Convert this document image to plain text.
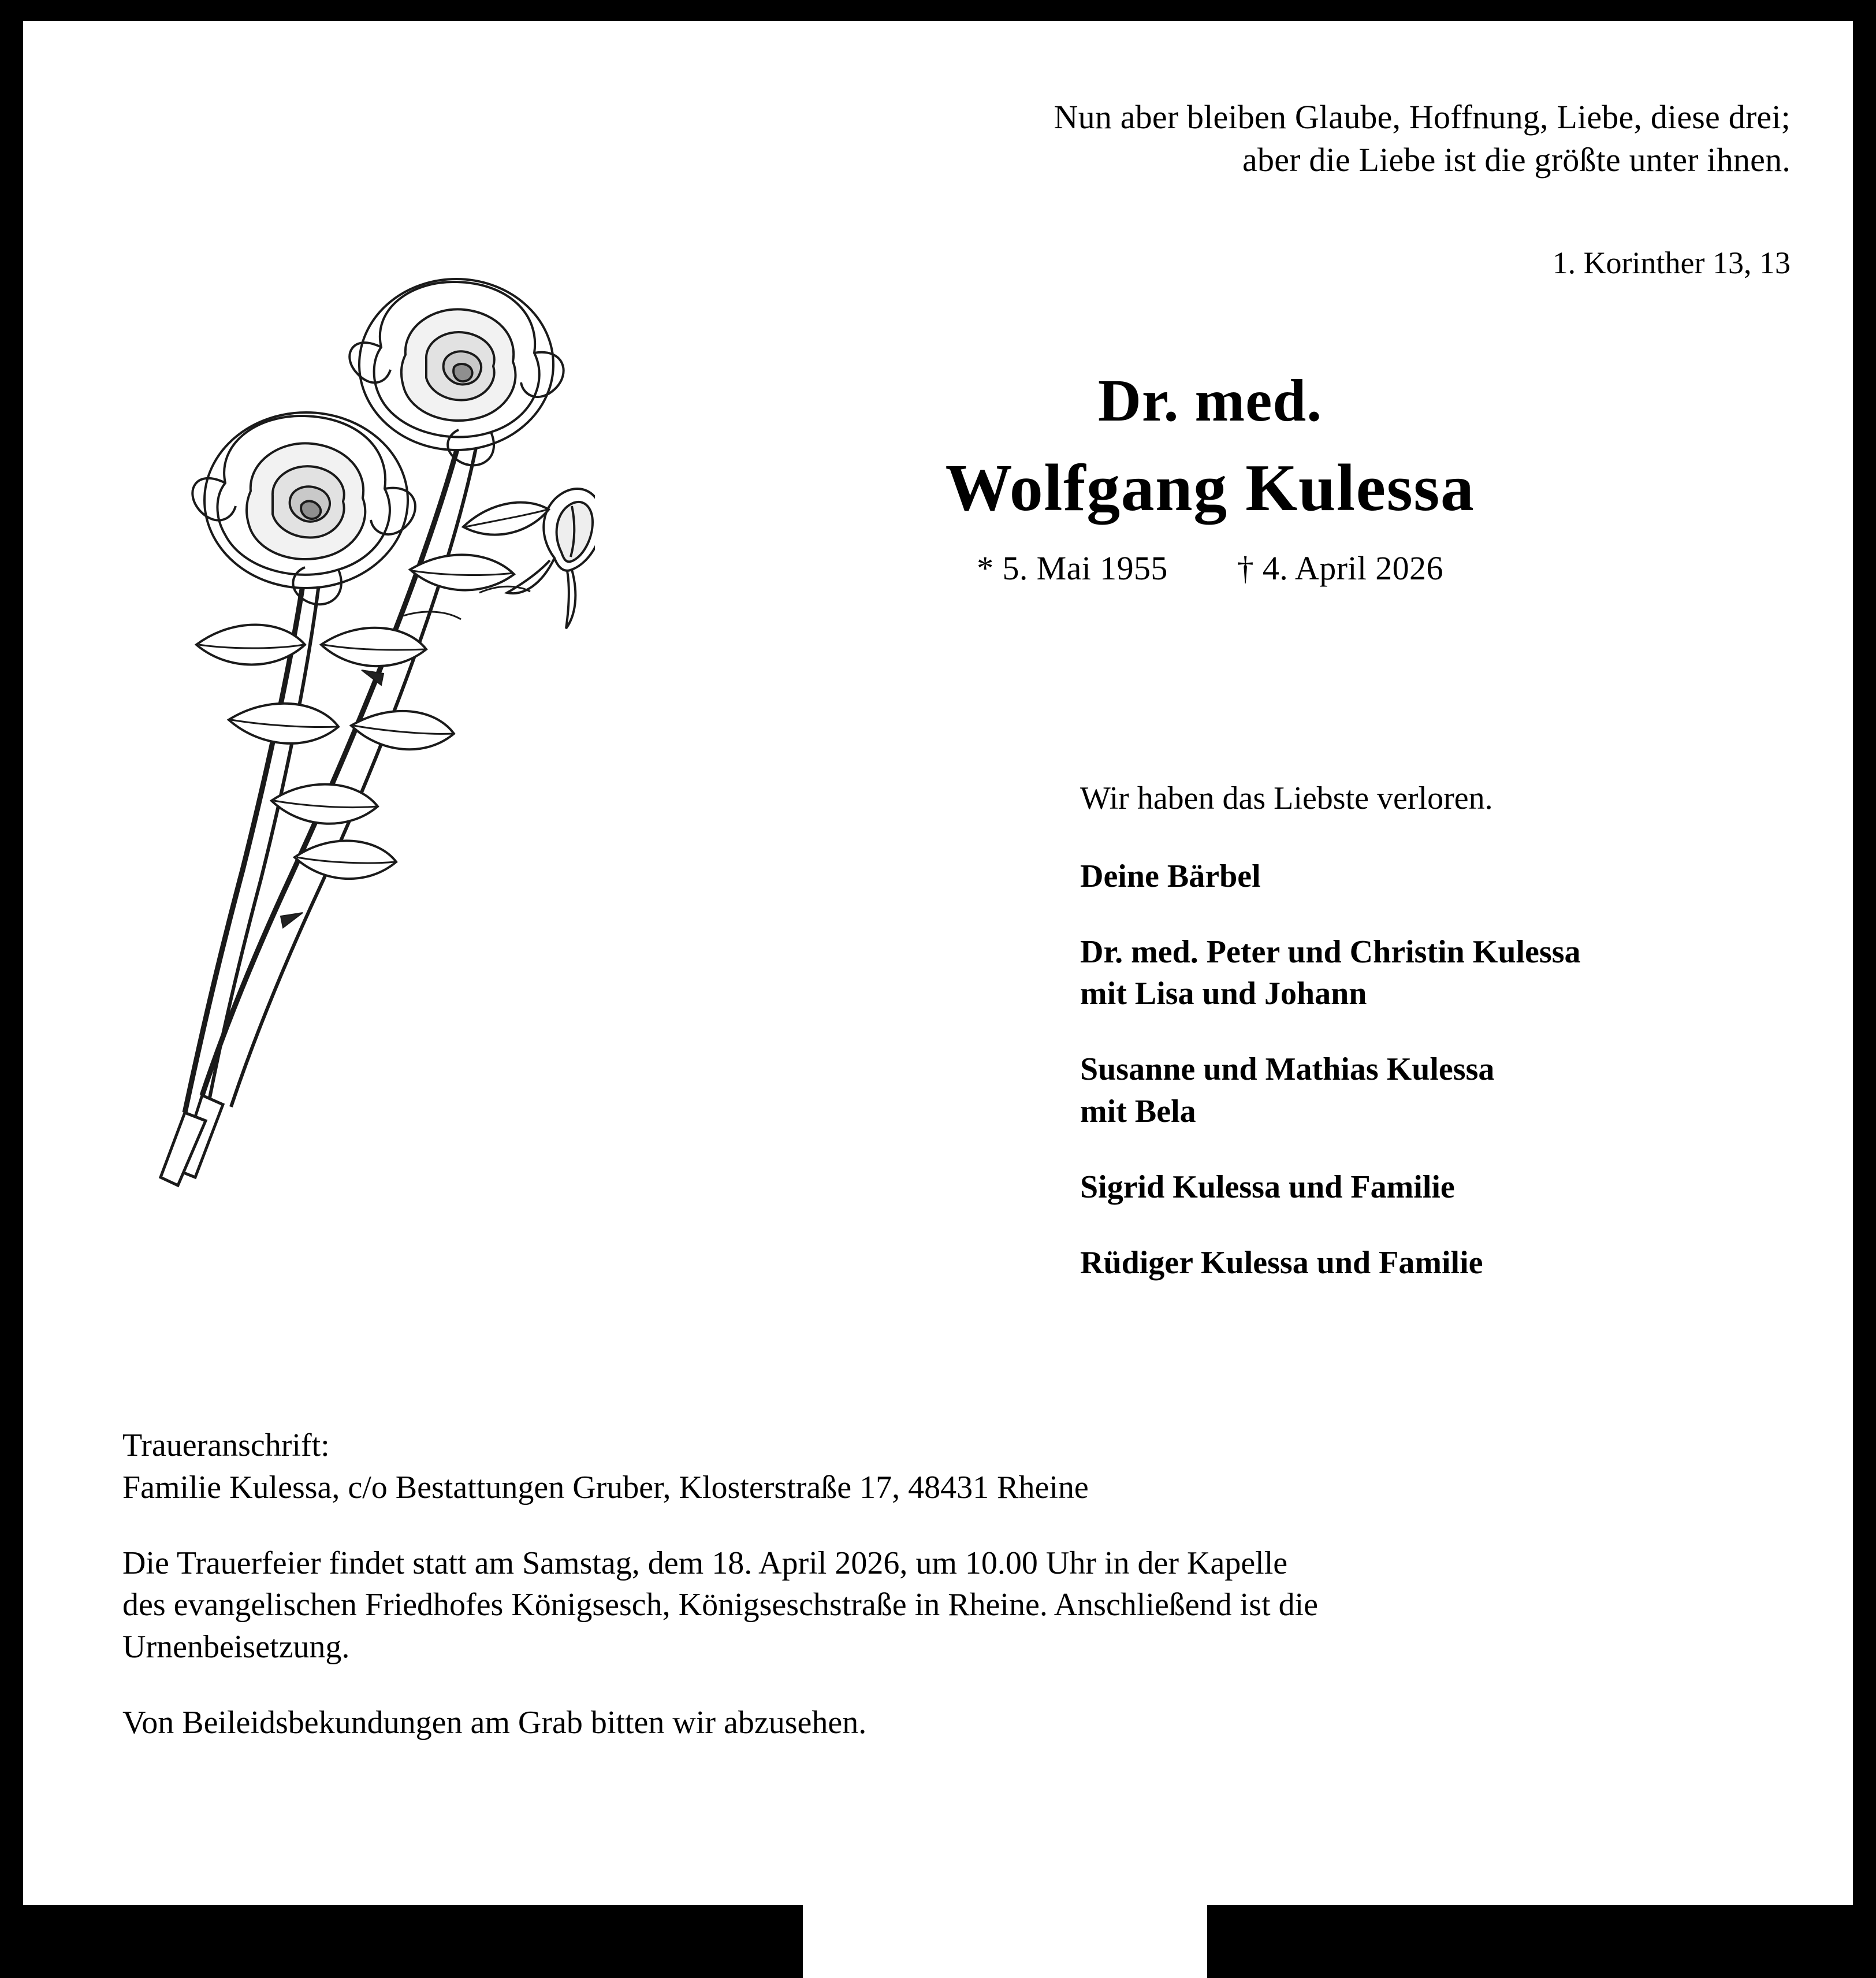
Nun aber bleiben Glaube, Hoffnung, Liebe, diese drei;
aber die Liebe ist die größte unter ihnen.
1. Korinther 13, 13
Dr. med.
Wolfgang Kulessa
* 5. Mai 1955 † 4. April 2026
Wir haben das Liebste verloren.
Deine Bärbel
Dr. med. Peter und Christin Kulessa
mit Lisa und Johann
Susanne und Mathias Kulessa
mit Bela
Sigrid Kulessa und Familie
Rüdiger Kulessa und Familie
Traueranschrift:
Familie Kulessa, c/o Bestattungen Gruber, Klosterstraße 17, 48431 Rheine
Die Trauerfeier findet statt am Samstag, dem 18. April 2026, um 10.00 Uhr in der Kapelle
des evangelischen Friedhofes Königsesch, Königseschstraße in Rheine. Anschließend ist die
Urnenbeisetzung.
Von Beileidsbekundungen am Grab bitten wir abzusehen.
